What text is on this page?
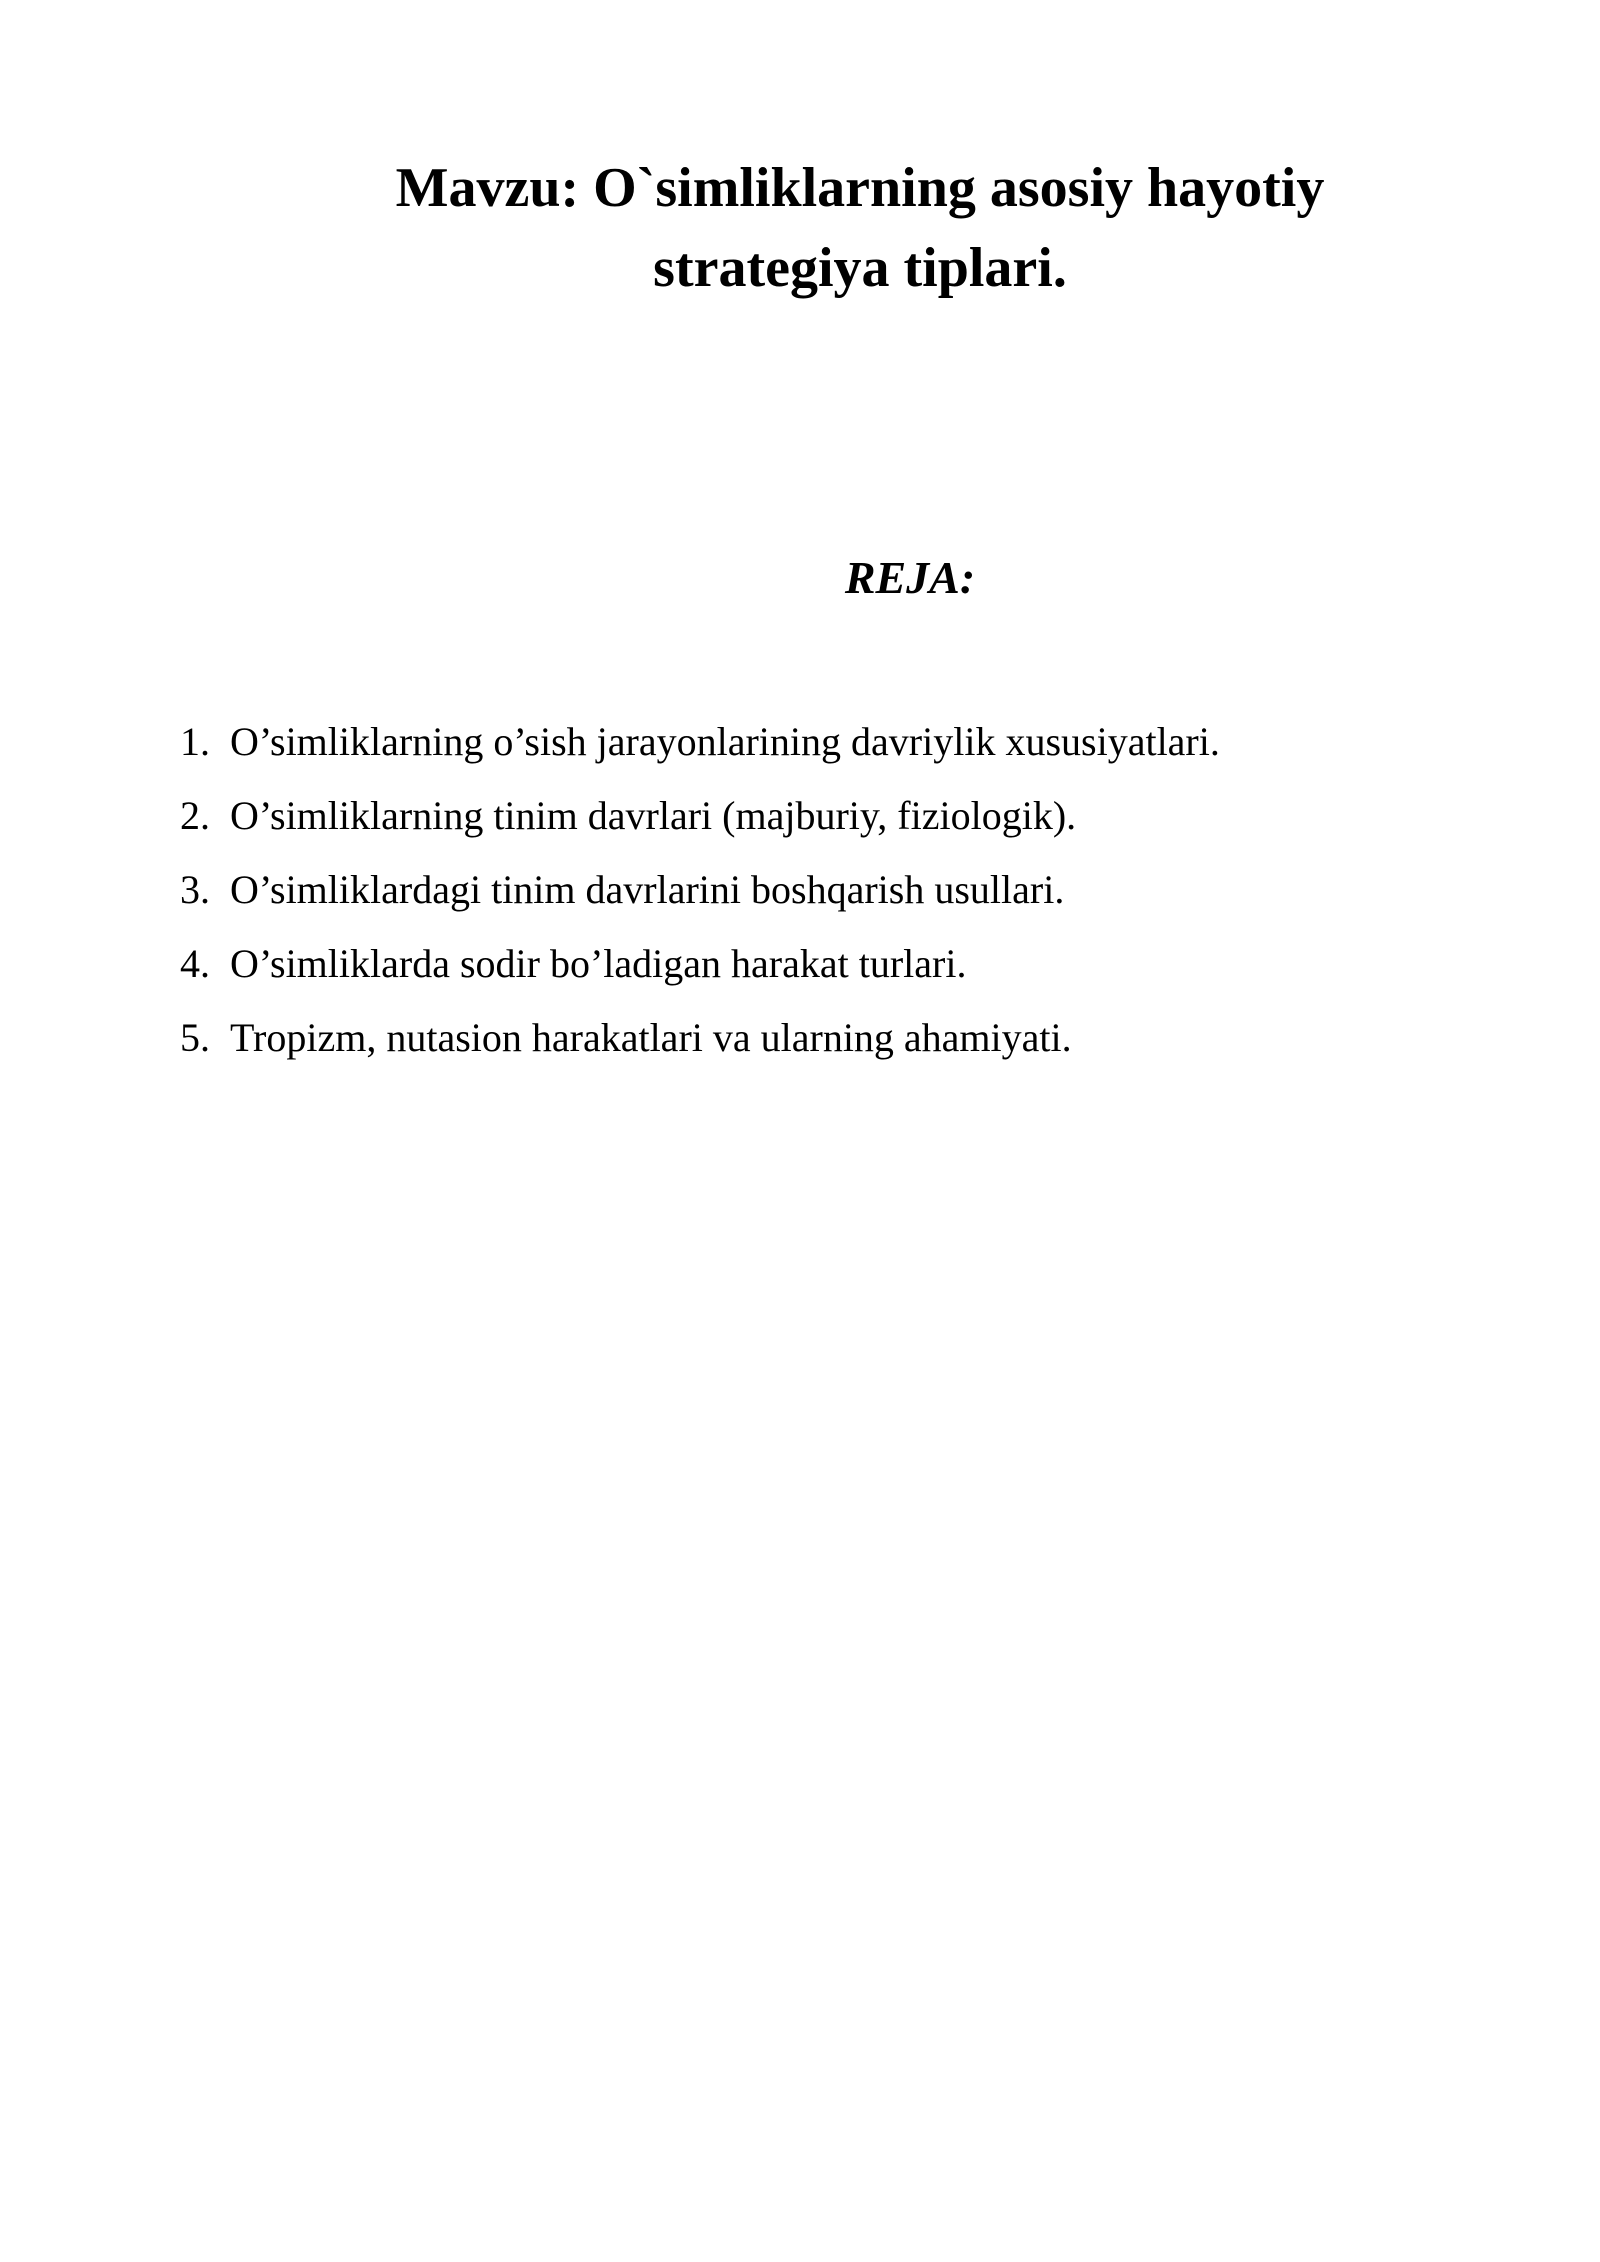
Mavzu: O`simliklarning asosiy hayotiy
strategiya tiplari.
REJA:
1. O’simliklarning o’sish jarayonlarining davriylik xususiyatlari.
2. O’simliklarning tinim davrlari (majburiy, fiziologik).
3. O’simliklardagi tinim davrlarini boshqarish usullari.
4. O’simliklarda sodir bo’ladigan harakat turlari.
5. Tropizm, nutasion harakatlari va ularning ahamiyati.
